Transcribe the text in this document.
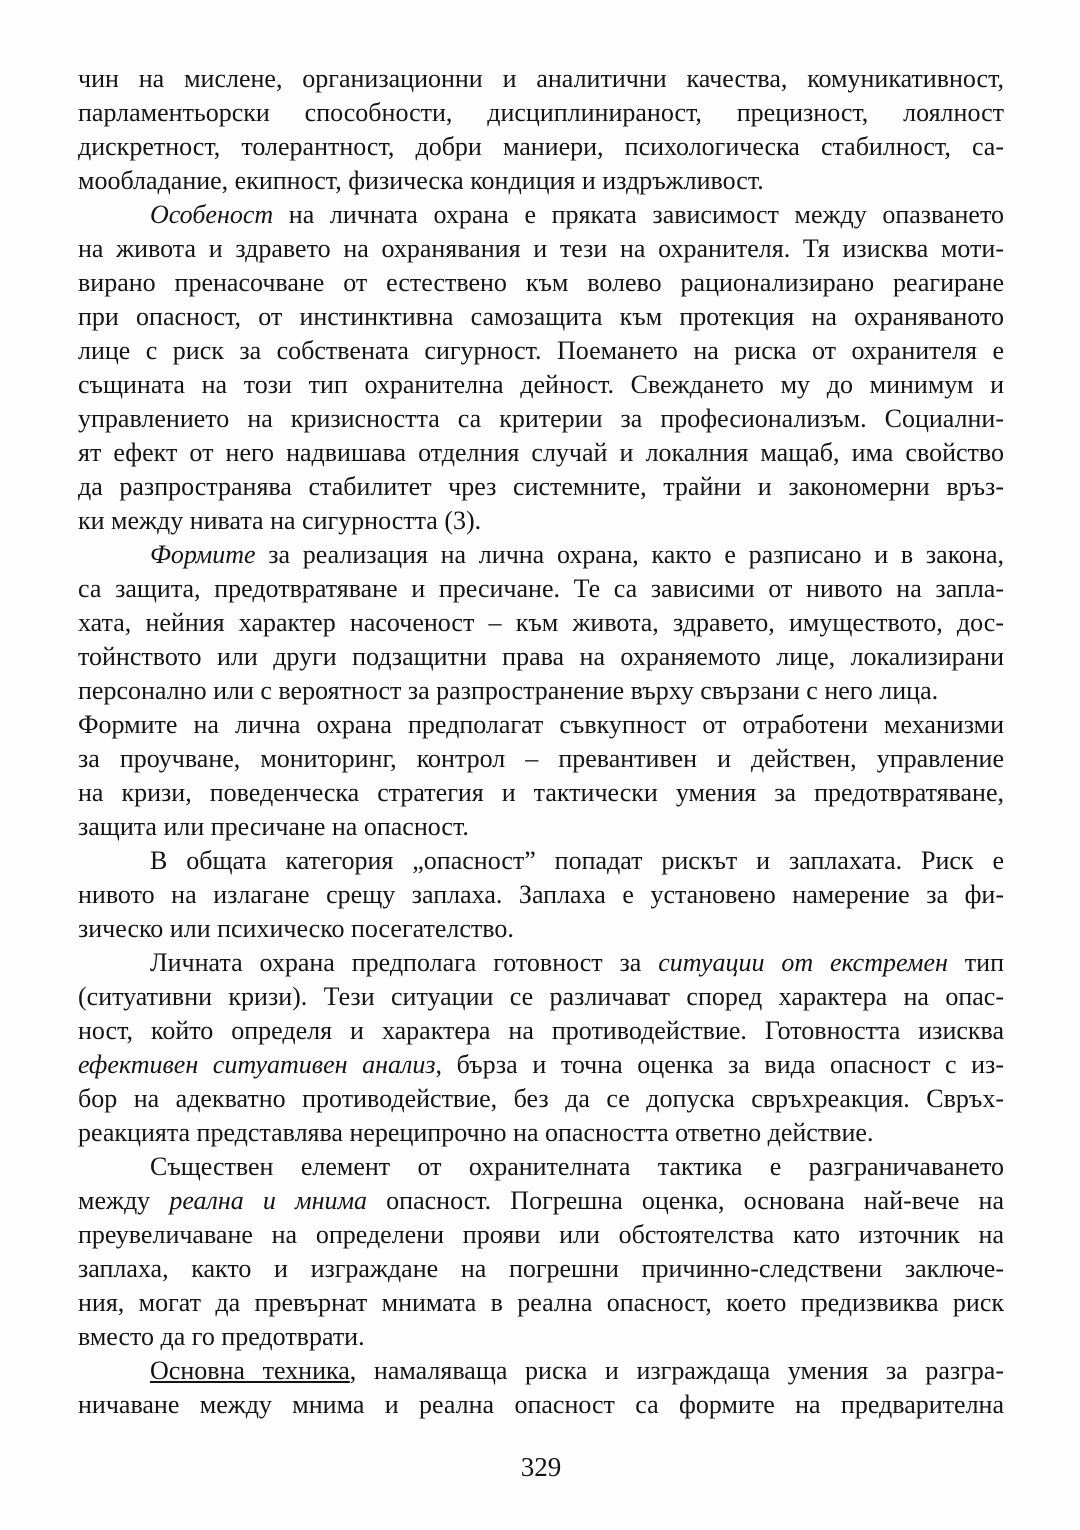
чин на мислене, организационни и аналитични качества, комуникативност,
парламентьорски способности, дисциплинираност, прецизност, лоялност
дискретност, толерантност, добри маниери, психологическа стабилност, са-
мообладание, екипност, физическа кондиция и издръжливост.
Особеност на личната охрана е пряката зависимост между опазването
на живота и здравето на охранявания и тези на охранителя. Тя изисква моти-
вирано пренасочване от естествено към волево рационализирано реагиране
при опасност, от инстинктивна самозащита към протекция на охраняваното
лице с риск за собствената сигурност. Поемането на риска от охранителя е
същината на този тип охранителна дейност. Свеждането му до минимум и
управлението на кризисността са критерии за професионализъм. Социални-
ят ефект от него надвишава отделния случай и локалния мащаб, има свойство
да разпространява стабилитет чрез системните, трайни и закономерни връз-
ки между нивата на сигурността (3).
Формите за реализация на лична охрана, както е разписано и в закона,
са защита, предотвратяване и пресичане. Те са зависими от нивото на запла-
хата, нейния характер насоченост – към живота, здравето, имуществото, дос-
тойнството или други подзащитни права на охраняемото лице, локализирани
персонално или с вероятност за разпространение върху свързани с него лица.
Формите на лична охрана предполагат съвкупност от отработени механизми
за проучване, мониторинг, контрол – превантивен и действен, управление
на кризи, поведенческа стратегия и тактически умения за предотвратяване,
защита или пресичане на опасност.
В общата категория „опасност” попадат рискът и заплахата. Риск е
нивото на излагане срещу заплаха. Заплаха е установено намерение за фи-
зическо или психическо посегателство.
Личната охрана предполага готовност за ситуации от екстремен тип
(ситуативни кризи). Тези ситуации се различават според характера на опас-
ност, който определя и характера на противодействие. Готовността изисква
ефективен ситуативен анализ, бърза и точна оценка за вида опасност с из-
бор на адекватно противодействие, без да се допуска свръхреакция. Свръх-
реакцията представлява нереципрочно на опасността ответно действие.
Съществен елемент от охранителната тактика е разграничаването
между реална и мнима опасност. Погрешна оценка, основана най-вече на
преувеличаване на определени прояви или обстоятелства като източник на
заплаха, както и изграждане на погрешни причинно-следствени заключе-
ния, могат да превърнат мнимата в реална опасност, което предизвиква риск
вместо да го предотврати.
Основна техника, намаляваща риска и изграждаща умения за разгра-
ничаване между мнима и реална опасност са формите на предварителна
329
